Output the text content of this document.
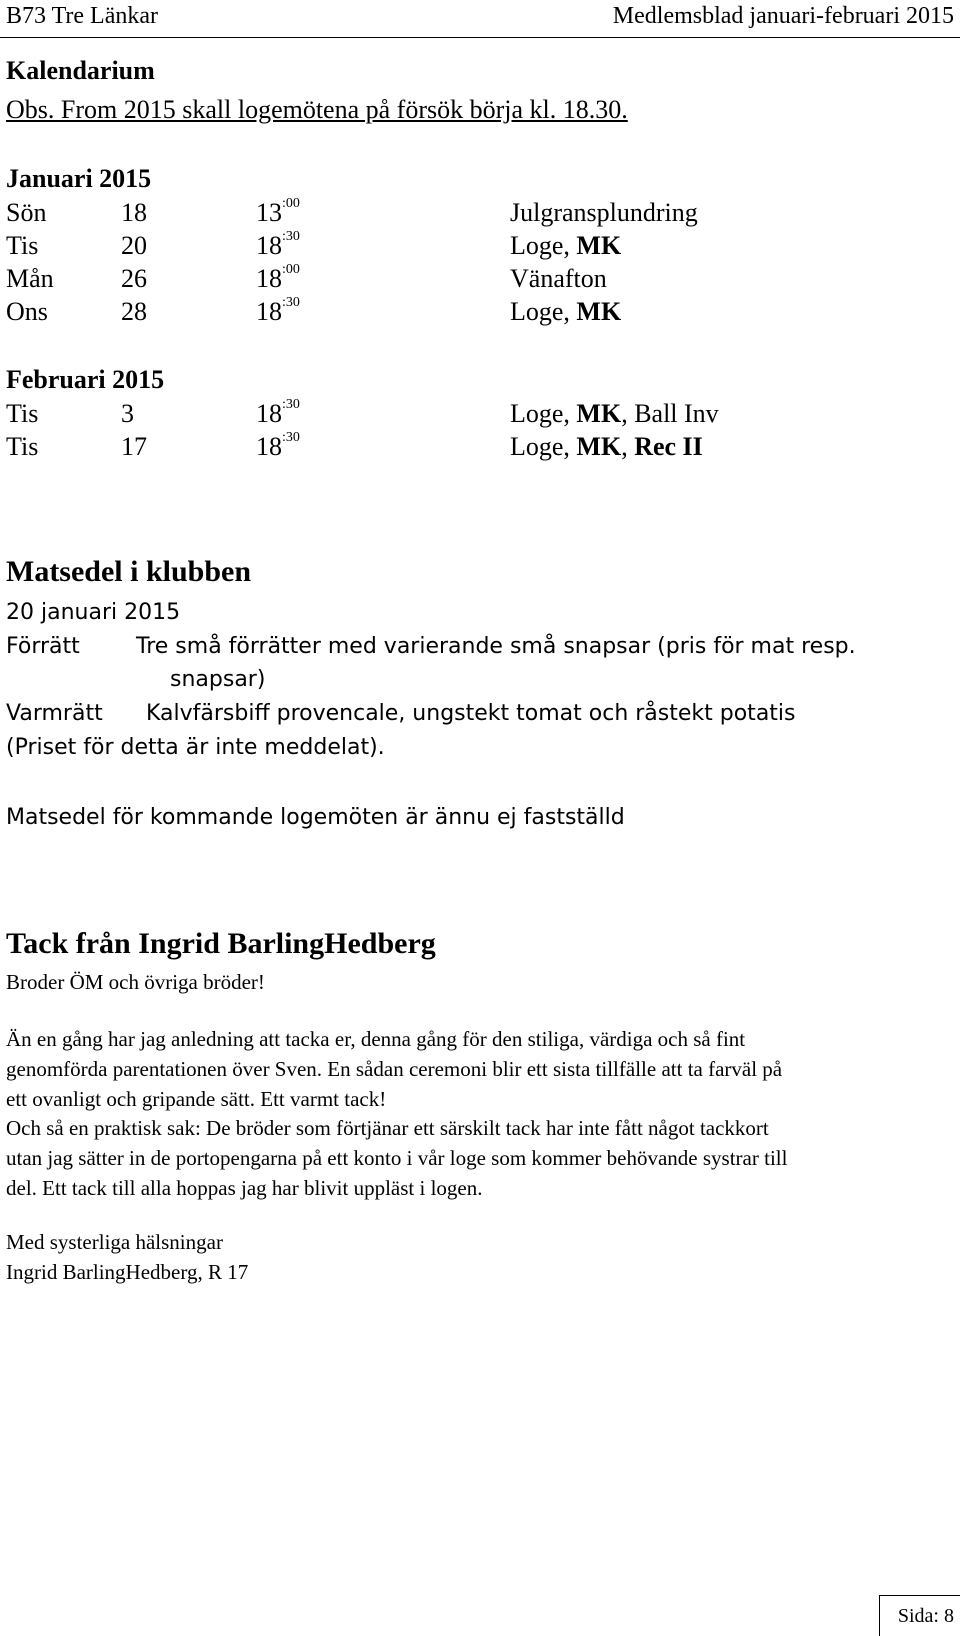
B73 Tre Länkar	Medlemsblad januari-februari 2015
Kalendarium
Obs. From 2015 skall logemötena på försök börja kl. 18.30.
Januari 2015
Sön	18	$13^{:00}$	Julgransplundring
Tis	20	$18^{:30}$	Loge, MK
Mån	26	$18^{:00}$	Vänafton
Ons	28	$18^{:30}$	Loge, MK
Februari 2015
Tis	3	$18^{:30}$	Loge, MK, Ball Inv
Tis	17	$18^{:30}$	Loge, MK, Rec II
Matsedel i klubben
20 januari 2015
Förrätt	Tre små förrätter med varierande små snapsar (pris för mat resp.
snapsar)
Varmrätt Kalvfärsbiff provencale, ungstekt tomat och råstekt potatis
(Priset för detta är inte meddelat).
Matsedel för kommande logemöten är ännu ej fastställd
Tack från Ingrid BarlingHedberg
Broder ÖM och övriga bröder!
Än en gång har jag anledning att tacka er, denna gång för den stiliga, värdiga och så fint
genomförda parentationen över Sven. En sådan ceremoni blir ett sista tillfälle att ta farväl på
ett ovanligt och gripande sätt. Ett varmt tack!
Och så en praktisk sak: De bröder som förtjänar ett särskilt tack har inte fått något tackkort
utan jag sätter in de portopengarna på ett konto i vår loge som kommer behövande systrar till
del. Ett tack till alla hoppas jag har blivit uppläst i logen.
Med systerliga hälsningar
Ingrid BarlingHedberg, R 17
Sida: 8
